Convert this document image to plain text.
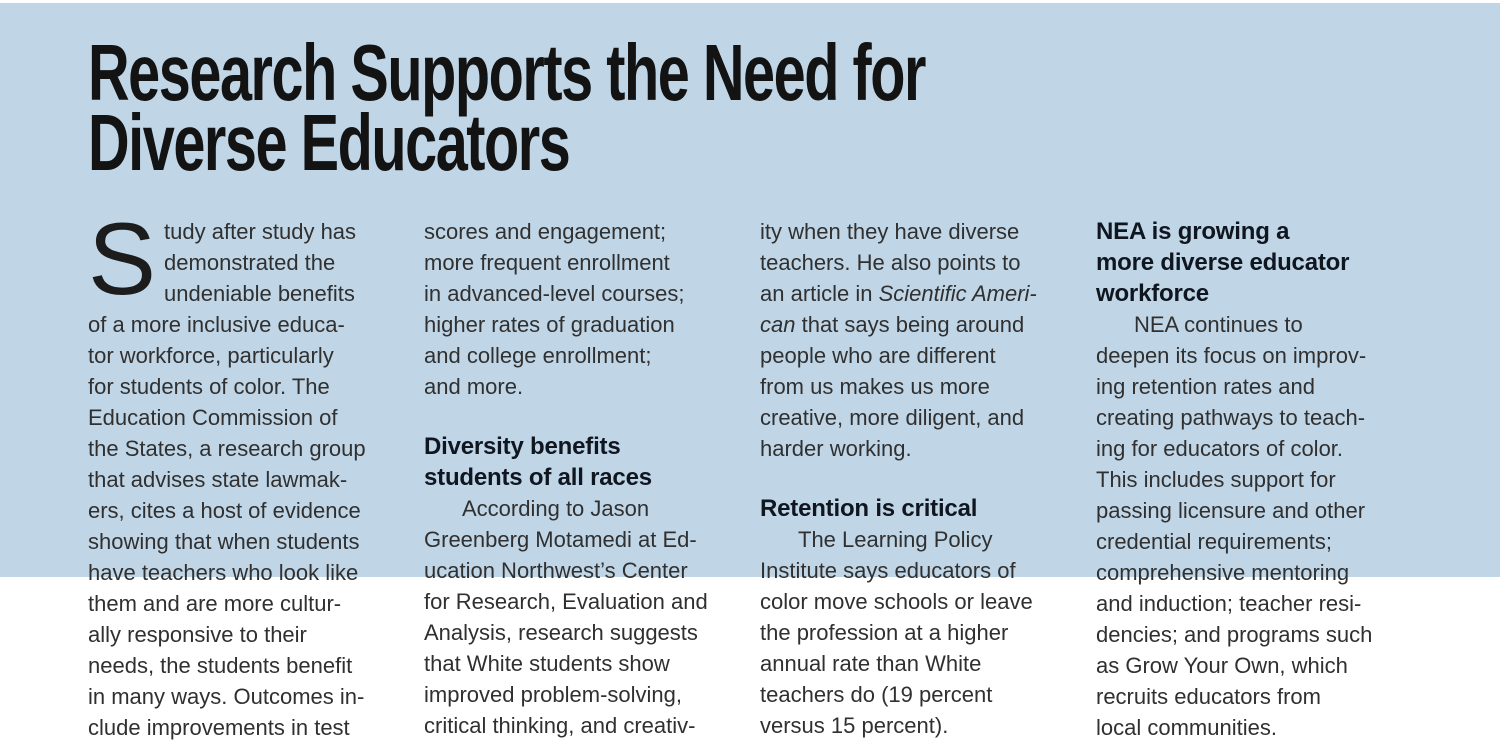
Research Supports the Need for
Diverse Educators

Study after study has
demonstrated the
undeniable benefits
of a more inclusive educa-
tor workforce, particularly
for students of color. The
Education Commission of
the States, a research group
that advises state lawmak-
ers, cites a host of evidence
showing that when students
have teachers who look like
them and are more cultur-
ally responsive to their
needs, the students benefit
in many ways. Outcomes in-
clude improvements in test

scores and engagement;
more frequent enrollment
in advanced-level courses;
higher rates of graduation
and college enrollment;
and more.

Diversity benefits
students of all races

According to Jason
Greenberg Motamedi at Ed-
ucation Northwest’s Center
for Research, Evaluation and
Analysis, research suggests
that White students show
improved problem-solving,
critical thinking, and creativ-

ity when they have diverse
teachers. He also points to
an article in Scientific Ameri-
can that says being around
people who are different
from us makes us more
creative, more diligent, and
harder working.

Retention is critical

The Learning Policy
Institute says educators of
color move schools or leave
the profession at a higher
annual rate than White
teachers do (19 percent
versus 15 percent).

NEA is growing a
more diverse educator
workforce

NEA continues to
deepen its focus on improv-
ing retention rates and
creating pathways to teach-
ing for educators of color.
This includes support for
passing licensure and other
credential requirements;
comprehensive mentoring
and induction; teacher resi-
dencies; and programs such
as Grow Your Own, which
recruits educators from
local communities.
